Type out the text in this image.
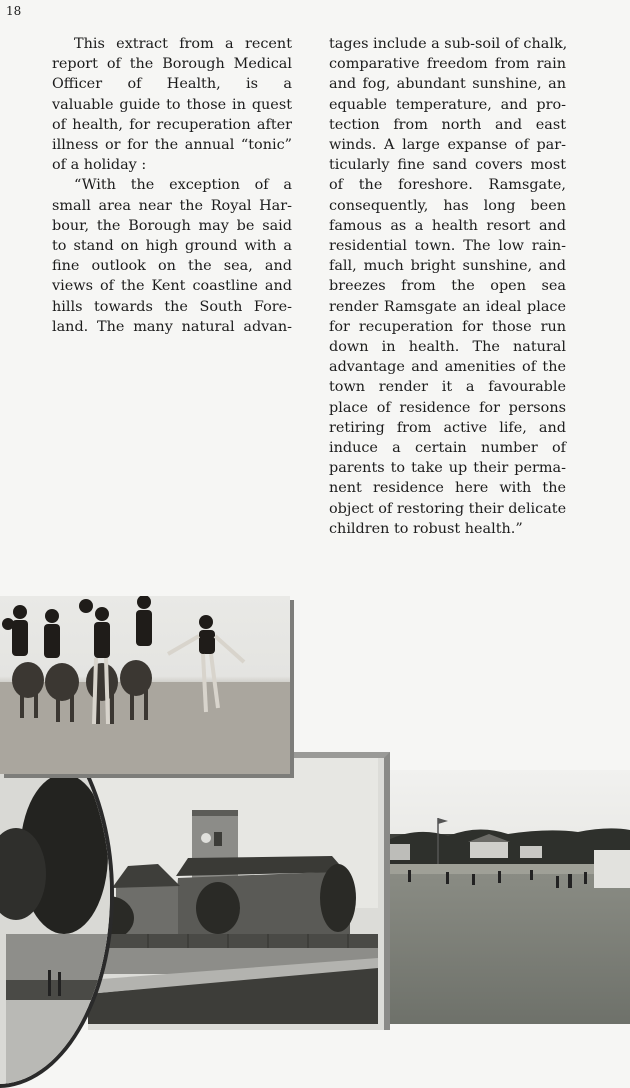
18
This extract from a recent
report of the Borough Medical
Officer of Health, is a
valuable guide to those in quest
of health, for recuperation after
illness or for the annual “tonic”
of a holiday :
“With the exception of a
small area near the Royal Har-
bour, the Borough may be said
to stand on high ground with a
fine outlook on the sea, and
views of the Kent coastline and
hills towards the South Fore-
land. The many natural advan-
tages include a sub-soil of chalk,
comparative freedom from rain
and fog, abundant sunshine, an
equable temperature, and pro-
tection from north and east
winds. A large expanse of par-
ticularly fine sand covers most
of the foreshore. Ramsgate,
consequently, has long been
famous as a health resort and
residential town. The low rain-
fall, much bright sunshine, and
breezes from the open sea
render Ramsgate an ideal place
for recuperation for those run
down in health. The natural
advantage and amenities of the
town render it a favourable
place of residence for persons
retiring from active life, and
induce a certain number of
parents to take up their perma-
nent residence here with the
object of restoring their delicate
children to robust health.”
